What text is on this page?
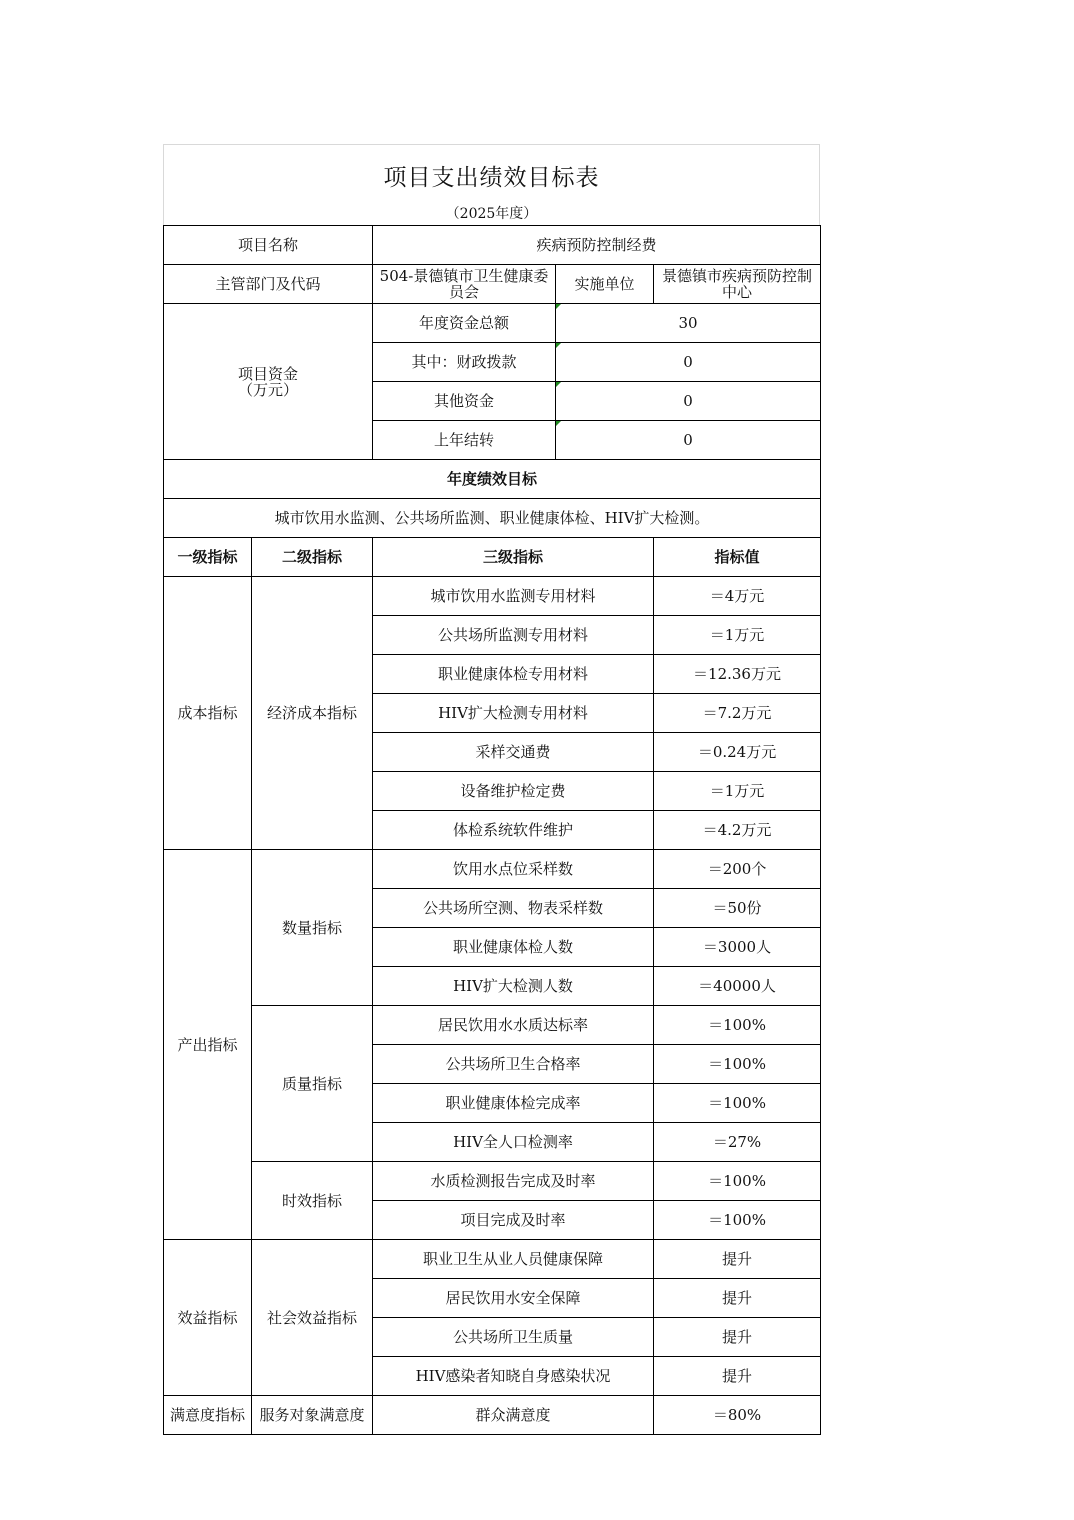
项目支出绩效目标表
（2025年度）
项目名称		疾病预防控制经费		
主管部门及代码		504-景德镇市卫生健康委员会	实施单位	景德镇市疾病预防控制中心
项目资金
（万元）		年度资金总额	30	
		其中：财政拨款	0	
		其他资金	0	
		上年结转	0	
年度绩效目标				
城市饮用水监测、公共场所监测、职业健康体检、HIV扩大检测。				
一级指标	二级指标	三级指标		指标值
成本指标	经济成本指标	城市饮用水监测专用材料		＝4万元
		公共场所监测专用材料		＝1万元
		职业健康体检专用材料		＝12.36万元
		HIV扩大检测专用材料		＝7.2万元
		采样交通费		＝0.24万元
		设备维护检定费		＝1万元
		体检系统软件维护		＝4.2万元
产出指标	数量指标	饮用水点位采样数		＝200个
		公共场所空测、物表采样数		＝50份
		职业健康体检人数		＝3000人
		HIV扩大检测人数		＝40000人
	质量指标	居民饮用水水质达标率		＝100%
		公共场所卫生合格率		＝100%
		职业健康体检完成率		＝100%
		HIV全人口检测率		＝27%
	时效指标	水质检测报告完成及时率		＝100%
		项目完成及时率		＝100%
效益指标	社会效益指标	职业卫生从业人员健康保障		提升
		居民饮用水安全保障		提升
		公共场所卫生质量		提升
		HIV感染者知晓自身感染状况		提升
满意度指标	服务对象满意度	群众满意度		＝80%
